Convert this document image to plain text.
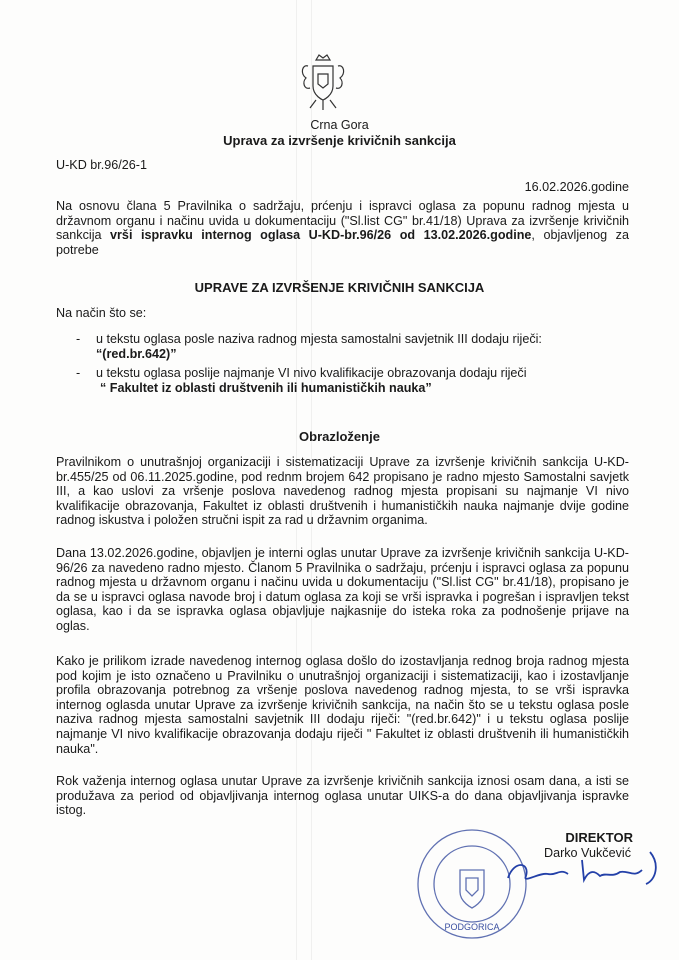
Crna Gora
Uprava za izvršenje krivičnih sankcija
U-KD br.96/26-1
16.02.2026.godine
Na osnovu člana 5 Pravilnika o sadržaju, prćenju i ispravci oglasa za popunu radnog mjesta u državnom organu i načinu uvida u dokumentaciju ("Sl.list CG" br.41/18) Uprava za izvršenje krivičnih sankcija vrši ispravku internog oglasa U-KD-br.96/26 od 13.02.2026.godine, objavljenog za potrebe
UPRAVE ZA IZVRŠENJE KRIVIČNIH SANKCIJA
Na način što se:
- u tekstu oglasa posle naziva radnog mjesta samostalni savjetnik III dodaju riječi:
“(red.br.642)”
- u tekstu oglasa poslije najmanje VI nivo kvalifikacije obrazovanja dodaju riječi
“ Fakultet iz oblasti društvenih ili humanističkih nauka”
Obrazloženje
Pravilnikom o unutrašnjoj organizaciji i sistematizaciji Uprave za izvršenje krivičnih sankcija U-KD-br.455/25 od 06.11.2025.godine, pod rednm brojem 642 propisano je radno mjesto Samostalni savjetk III, a kao uslovi za vršenje poslova navedenog radnog mjesta propisani su najmanje VI nivo kvalifikacije obrazovanja, Fakultet iz oblasti društvenih i humanističkih nauka najmanje dvije godine radnog iskustva i položen stručni ispit za rad u državnim organima.
Dana 13.02.2026.godine, objavljen je interni oglas unutar Uprave za izvršenje krivičnih sankcija U-KD-96/26 za navedeno radno mjesto. Članom 5 Pravilnika o sadržaju, prćenju i ispravci oglasa za popunu radnog mjesta u državnom organu i načinu uvida u dokumentaciju ("Sl.list CG" br.41/18), propisano je da se u ispravci oglasa navode broj i datum oglasa za koji se vrši ispravka i pogrešan i ispravljen tekst oglasa, kao i da se ispravka oglasa objavljuje najkasnije do isteka roka za podnošenje prijave na oglas.
Kako je prilikom izrade navedenog internog oglasa došlo do izostavljanja rednog broja radnog mjesta pod kojim je isto označeno u Pravilniku o unutrašnjoj organizaciji i sistematizaciji, kao i izostavljanje profila obrazovanja potrebnog za vršenje poslova navedenog radnog mjesta, to se vrši ispravka internog oglasda unutar Uprave za izvršenje krivičnih sankcija, na način što se u tekstu oglasa posle naziva radnog mjesta samostalni savjetnik III dodaju riječi: "(red.br.642)" i u tekstu oglasa poslije najmanje VI nivo kvalifikacije obrazovanja dodaju riječi " Fakultet iz oblasti društvenih ili humanističkih nauka".
Rok važenja internog oglasa unutar Uprave za izvršenje krivičnih sankcija iznosi osam dana, a isti se produžava za period od objavljivanja internog oglasa unutar UIKS-a do dana objavljivanja ispravke istog.
PODGORICA
DIREKTOR
Darko Vukčević
